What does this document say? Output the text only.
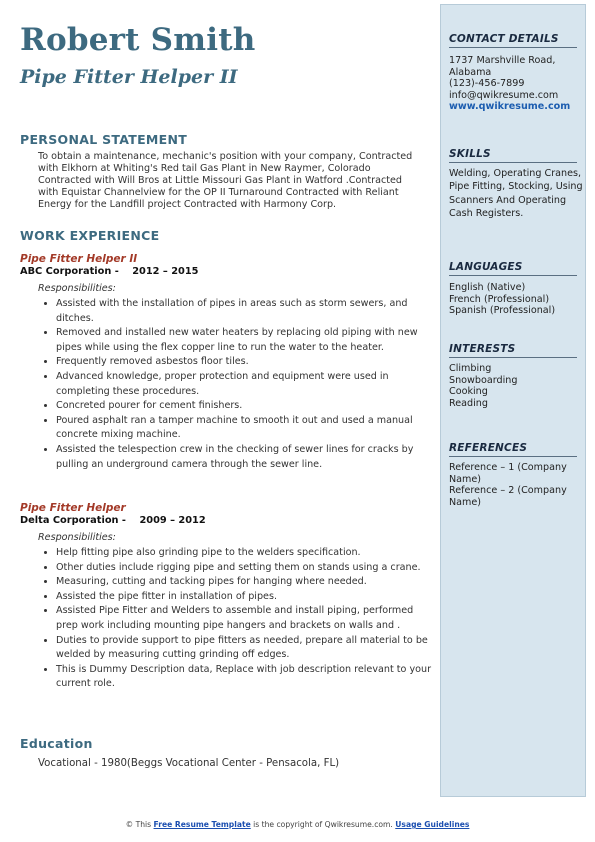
Robert Smith
Pipe Fitter Helper II
PERSONAL STATEMENT
To obtain a maintenance, mechanic's position with your company, Contracted with Elkhorn at Whiting's Red tail Gas Plant in New Raymer, Colorado Contracted with Will Bros at Little Missouri Gas Plant in Watford .Contracted with Equistar Channelview for the OP II Turnaround Contracted with Reliant Energy for the Landfill project Contracted with Harmony Corp.
WORK EXPERIENCE
Pipe Fitter Helper II
ABC Corporation - 2012 – 2015
Responsibilities:
• Assisted with the installation of pipes in areas such as storm sewers, and ditches.
• Removed and installed new water heaters by replacing old piping with new pipes while using the flex copper line to run the water to the heater.
• Frequently removed asbestos floor tiles.
• Advanced knowledge, proper protection and equipment were used in completing these procedures.
• Concreted pourer for cement finishers.
• Poured asphalt ran a tamper machine to smooth it out and used a manual concrete mixing machine.
• Assisted the telespection crew in the checking of sewer lines for cracks by pulling an underground camera through the sewer line.
Pipe Fitter Helper
Delta Corporation - 2009 – 2012
Responsibilities:
• Help fitting pipe also grinding pipe to the welders specification.
• Other duties include rigging pipe and setting them on stands using a crane.
• Measuring, cutting and tacking pipes for hanging where needed.
• Assisted the pipe fitter in installation of pipes.
• Assisted Pipe Fitter and Welders to assemble and install piping, performed prep work including mounting pipe hangers and brackets on walls and .
• Duties to provide support to pipe fitters as needed, prepare all material to be welded by measuring cutting grinding off edges.
• This is Dummy Description data, Replace with job description relevant to your current role.
Education
Vocational - 1980(Beggs Vocational Center - Pensacola, FL)
CONTACT DETAILS
1737 Marshville Road,
Alabama
(123)-456-7899
info@qwikresume.com
www.qwikresume.com
SKILLS
Welding, Operating Cranes, Pipe Fitting, Stocking, Using Scanners And Operating Cash Registers.
LANGUAGES
English (Native)
French (Professional)
Spanish (Professional)
INTERESTS
Climbing
Snowboarding
Cooking
Reading
REFERENCES
Reference – 1 (Company Name)
Reference – 2 (Company Name)
© This Free Resume Template is the copyright of Qwikresume.com. Usage Guidelines
